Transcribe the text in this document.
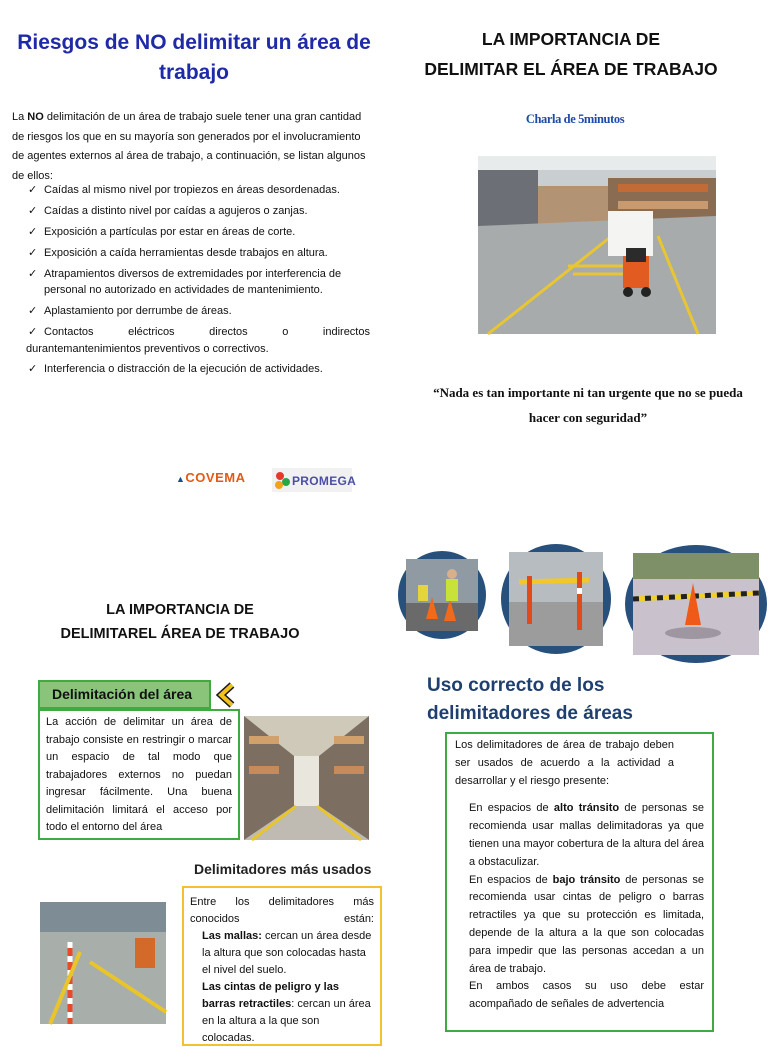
Riesgos de NO delimitar un área de trabajo

La NO delimitación de un área de trabajo suele tener una gran cantidad de riesgos los que en su mayoría son generados por el involucramiento de agentes externos al área de trabajo, a continuación, se listan algunos de ellos:

✓ Caídas al mismo nivel por tropiezos en áreas desordenadas.
✓ Caídas a distinto nivel por caídas a agujeros o zanjas.
✓ Exposición a partículas por estar en áreas de corte.
✓ Exposición a caída herramientas desde trabajos en altura.
✓ Atrapamientos diversos de extremidades por interferencia de personal no autorizado en actividades de mantenimiento.
✓ Aplastamiento por derrumbe de áreas.
✓ Contactos eléctricos directos o indirectos
durantemantenimientos preventivos o correctivos.
✓ Interferencia o distracción de la ejecución de actividades.
▲COVEMA	PROMEGA
LA IMPORTANCIA DE
DELIMITAR EL ÁREA DE TRABAJO
Charla de 5minutos
“Nada es tan importante ni tan urgente que no se pueda hacer con seguridad”
LA IMPORTANCIA DE
DELIMITAREL ÁREA DE TRABAJO
Delimitación del área
La acción de delimitar un área de trabajo consiste en restringir o marcar un espacio de tal modo que trabajadores externos no puedan ingresar fácilmente. Una buena delimitación limitará el acceso por todo el entorno del área
Delimitadores más usados
Entre los delimitadores más conocidos están:
Las mallas: cercan un área desde la altura que son colocadas hasta el nivel del suelo.
Las cintas de peligro y las barras retractiles: cercan un área en la altura a la que son colocadas.
Uso correcto de los delimitadores de áreas
Los delimitadores de área de trabajo deben ser usados de acuerdo a la actividad a desarrollar y el riesgo presente:
En espacios de alto tránsito de personas se recomienda usar mallas delimitadoras ya que tienen una mayor cobertura de la altura del área a obstaculizar.
En espacios de bajo tránsito de personas se recomienda usar cintas de peligro o barras retractiles ya que su protección es limitada, depende de la altura a la que son colocadas para impedir que las personas accedan a un área de trabajo.
En ambos casos su uso debe estar acompañado de señales de advertencia
